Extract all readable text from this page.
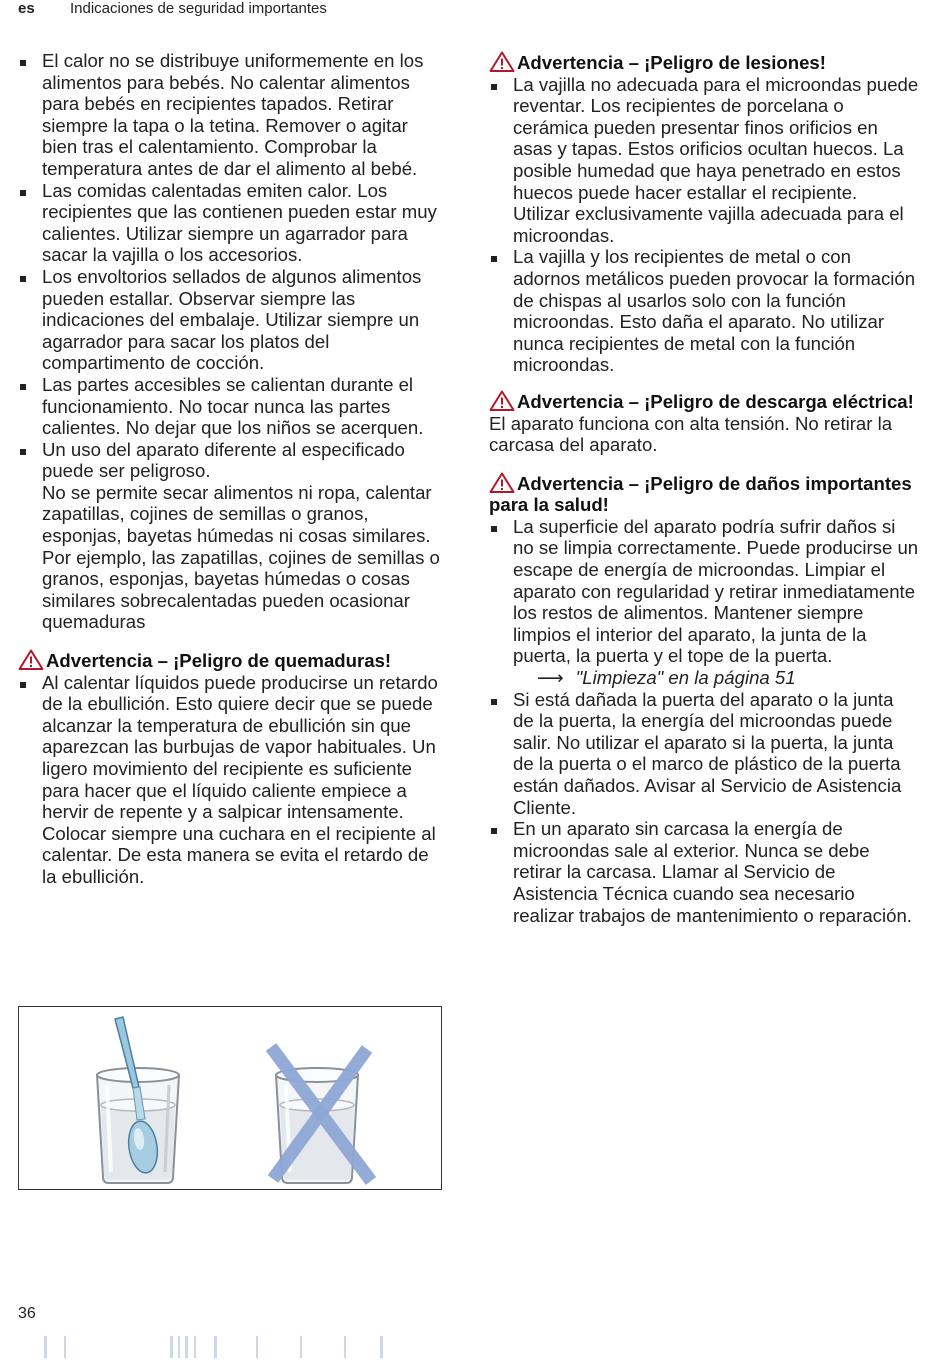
es Indicaciones de seguridad importantes
El calor no se distribuye uniformemente en los alimentos para bebés. No calentar alimentos para bebés en recipientes tapados. Retirar siempre la tapa o la tetina. Remover o agitar bien tras el calentamiento. Comprobar la temperatura antes de dar el alimento al bebé.
Las comidas calentadas emiten calor. Los recipientes que las contienen pueden estar muy calientes. Utilizar siempre un agarrador para sacar la vajilla o los accesorios.
Los envoltorios sellados de algunos alimentos pueden estallar. Observar siempre las indicaciones del embalaje. Utilizar siempre un agarrador para sacar los platos del compartimento de cocción.
Las partes accesibles se calientan durante el funcionamiento. No tocar nunca las partes calientes. No dejar que los niños se acerquen.
Un uso del aparato diferente al especificado puede ser peligroso.
No se permite secar alimentos ni ropa, calentar zapatillas, cojines de semillas o granos, esponjas, bayetas húmedas ni cosas similares.
Por ejemplo, las zapatillas, cojines de semillas o granos, esponjas, bayetas húmedas o cosas similares sobrecalentadas pueden ocasionar quemaduras
Advertencia – ¡Peligro de quemaduras!
Al calentar líquidos puede producirse un retardo de la ebullición. Esto quiere decir que se puede alcanzar la temperatura de ebullición sin que aparezcan las burbujas de vapor habituales. Un ligero movimiento del recipiente es suficiente para hacer que el líquido caliente empiece a hervir de repente y a salpicar intensamente. Colocar siempre una cuchara en el recipiente al calentar. De esta manera se evita el retardo de la ebullición.
Advertencia – ¡Peligro de lesiones!
La vajilla no adecuada para el microondas puede reventar. Los recipientes de porcelana o cerámica pueden presentar finos orificios en asas y tapas. Estos orificios ocultan huecos. La posible humedad que haya penetrado en estos huecos puede hacer estallar el recipiente. Utilizar exclusivamente vajilla adecuada para el microondas.
La vajilla y los recipientes de metal o con adornos metálicos pueden provocar la formación de chispas al usarlos solo con la función microondas. Esto daña el aparato. No utilizar nunca recipientes de metal con la función microondas.
Advertencia – ¡Peligro de descarga eléctrica!
El aparato funciona con alta tensión. No retirar la carcasa del aparato.
Advertencia – ¡Peligro de daños importantes para la salud!
La superficie del aparato podría sufrir daños si no se limpia correctamente. Puede producirse un escape de energía de microondas. Limpiar el aparato con regularidad y retirar inmediatamente los restos de alimentos. Mantener siempre limpios el interior del aparato, la junta de la puerta, la puerta y el tope de la puerta.
⟶ "Limpieza" en la página 51
Si está dañada la puerta del aparato o la junta de la puerta, la energía del microondas puede salir. No utilizar el aparato si la puerta, la junta de la puerta o el marco de plástico de la puerta están dañados. Avisar al Servicio de Asistencia Cliente.
En un aparato sin carcasa la energía de microondas sale al exterior. Nunca se debe retirar la carcasa. Llamar al Servicio de Asistencia Técnica cuando sea necesario realizar trabajos de mantenimiento o reparación.
36
